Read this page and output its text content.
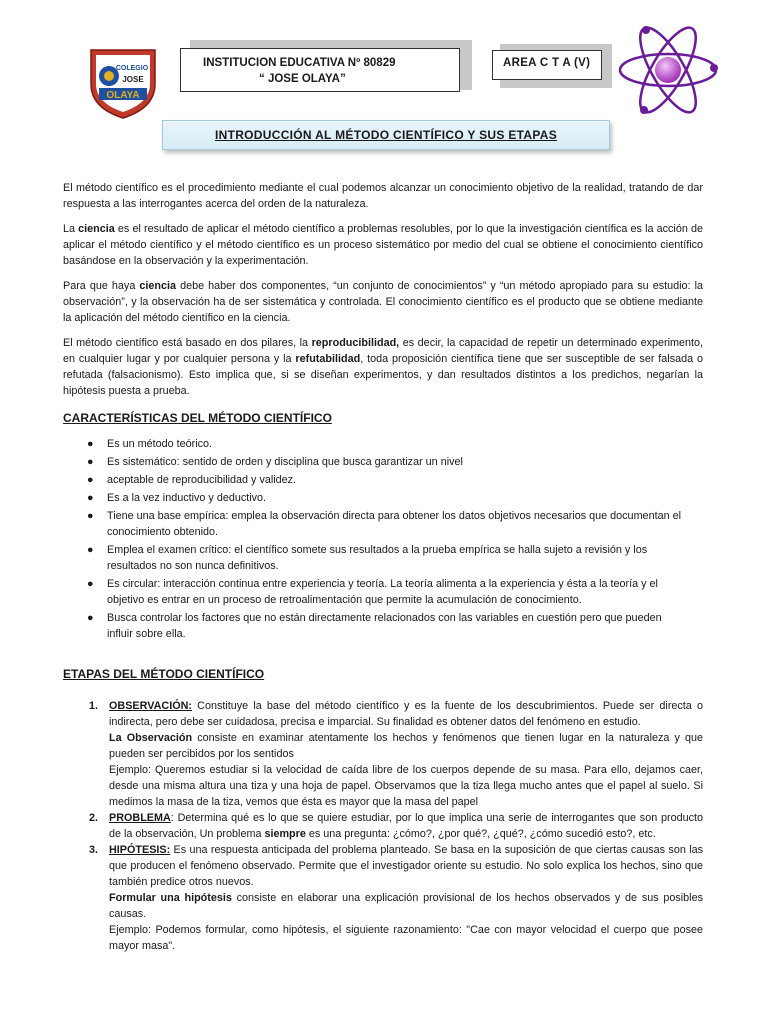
COLEGIO
JOSE
OLAYA
INSTITUCION EDUCATIVA Nº 80829
“ JOSE OLAYA”
AREA C T A (V)
INTRODUCCIÓN AL MÉTODO CIENTÍFICO Y SUS ETAPAS

El método científico es el procedimiento mediante el cual podemos alcanzar un conocimiento objetivo de la realidad, tratando de dar respuesta a las interrogantes acerca del orden de la naturaleza.

La ciencia es el resultado de aplicar el método científico a problemas resolubles, por lo que la investigación científica es la acción de aplicar el método científico y el método científico es un proceso sistemático por medio del cual se obtiene el conocimiento científico basándose en la observación y la experimentación.

Para que haya ciencia debe haber dos componentes, “un conjunto de conocimientos” y “un método apropiado para su estudio: la observación”, y la observación ha de ser sistemática y controlada. El conocimiento científico es el producto que se obtiene mediante la aplicación del método científico en la ciencia.

El método científico está basado en dos pilares, la reproducibilidad, es decir, la capacidad de repetir un determinado experimento, en cualquier lugar y por cualquier persona y la refutabilidad, toda proposición científica tiene que ser susceptible de ser falsada o refutada (falsacionismo). Esto implica que, si se diseñan experimentos, y dan resultados distintos a los predichos, negarían la hipótesis puesta a prueba.

CARACTERÍSTICAS DEL MÉTODO CIENTÍFICO
● Es un método teórico.
● Es sistemático: sentido de orden y disciplina que busca garantizar un nivel
● aceptable de reproducibilidad y validez.
● Es a la vez inductivo y deductivo.
● Tiene una base empírica: emplea la observación directa para obtener los datos objetivos necesarios que documentan el conocimiento obtenido.
● Emplea el examen crítico: el científico somete sus resultados a la prueba empírica se halla sujeto a revisión y los resultados no son nunca definitivos.
● Es circular: interacción continua entre experiencia y teoría. La teoría alimenta a la experiencia y ésta a la teoría y el objetivo es entrar en un proceso de retroalimentación que permite la acumulación de conocimiento.
● Busca controlar los factores que no están directamente relacionados con las variables en cuestión pero que pueden influir sobre ella.
ETAPAS DEL MÉTODO CIENTÍFICO
1. OBSERVACIÓN: Constituye la base del método científico y es la fuente de los descubrimientos. Puede ser directa o indirecta, pero debe ser cuidadosa, precisa e imparcial. Su finalidad es obtener datos del fenómeno en estudio.
La Observación consiste en examinar atentamente los hechos y fenómenos que tienen lugar en la naturaleza y que pueden ser percibidos por los sentidos
Ejemplo: Queremos estudiar si la velocidad de caída libre de los cuerpos depende de su masa. Para ello, dejamos caer, desde una misma altura una tiza y una hoja de papel. Observamos que la tiza llega mucho antes que el papel al suelo. Si medimos la masa de la tiza, vemos que ésta es mayor que la masa del papel
2. PROBLEMA: Determina qué es lo que se quiere estudiar, por lo que implica una serie de interrogantes que son producto de la observación, Un problema siempre es una pregunta: ¿cómo?, ¿por qué?, ¿qué?, ¿cómo sucedió esto?, etc.
3. HIPÓTESIS: Es una respuesta anticipada del problema planteado. Se basa en la suposición de que ciertas causas son las que producen el fenómeno observado. Permite que el investigador oriente su estudio. No solo explica los hechos, sino que también predice otros nuevos.
Formular una hipótesis consiste en elaborar una explicación provisional de los hechos observados y de sus posibles causas.
Ejemplo: Podemos formular, como hipótesis, el siguiente razonamiento: "Cae con mayor velocidad el cuerpo que posee mayor masa".
